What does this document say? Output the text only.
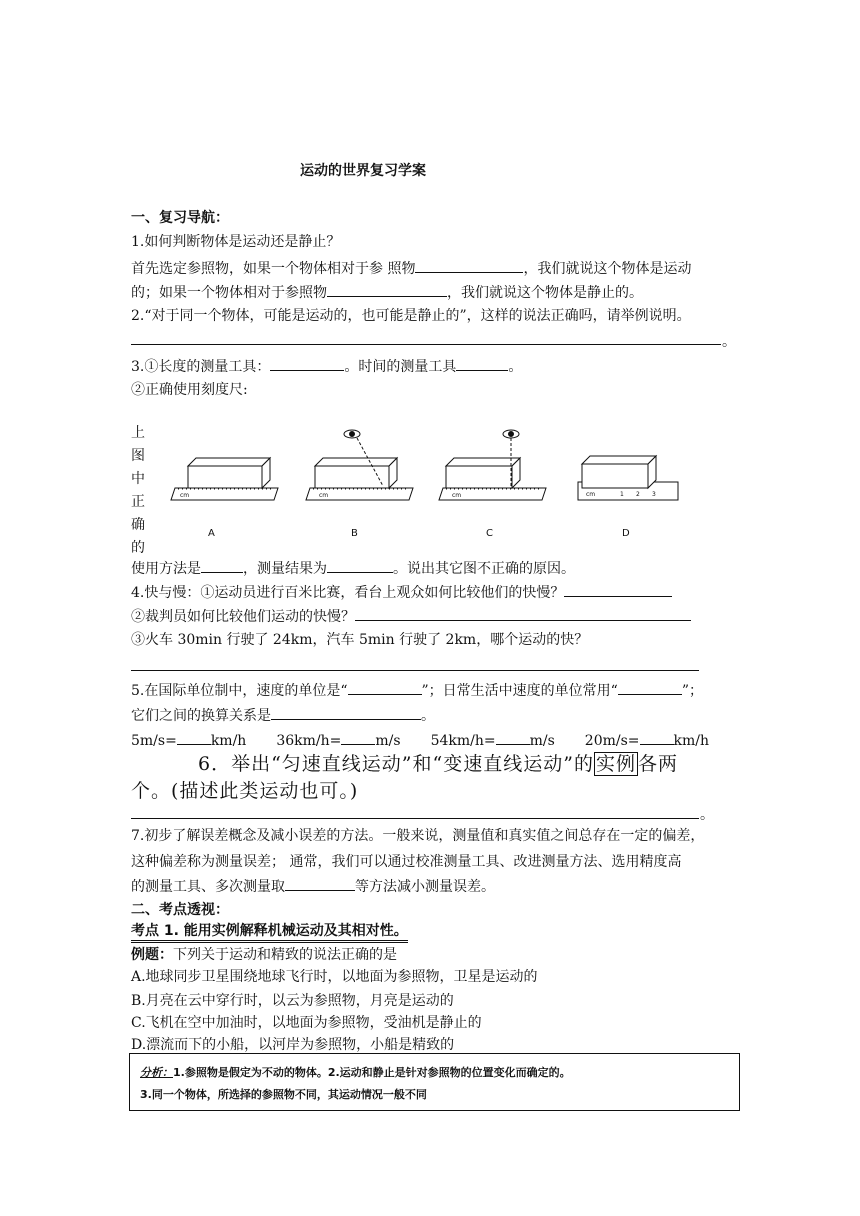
运动的世界复习学案
一、复习导航：
1.如何判断物体是运动还是静止？
首先选定参照物，如果一个物体相对于参 照物	，我们就说这个物体是运动
的；如果一个物体相对于参照物	，我们就说这个物体是静止的。
2.“对于同一个物体，可能是运动的，也可能是静止的”，这样的说法正确吗，请举例说明。
。
3.①长度的测量工具：	。时间的测量工具	。
②正确使用刻度尺:
上
图
中
正
确
的
cm
A
cm
B
cm
C
cm	1 2 3
D
使用方法是	，测量结果为	。说出其它图不正确的原因。
4.快与慢：①运动员进行百米比赛，看台上观众如何比较他们的快慢？
②裁判员如何比较他们运动的快慢？
③火车 30min 行驶了 24km，汽车 5min 行驶了 2km，哪个运动的快？
5.在国际单位制中，速度的单位是“	”；日常生活中速度的单位常用“	”；
它们之间的换算关系是	。
5m/s= km/h 36km/h= m/s 54km/h= m/s 20m/s= km/h
6．举出“匀速直线运动”和“变速直线运动”的 实例 各两
个。(描述此类运动也可。)
。
7.初步了解误差概念及减小误差的方法。一般来说，测量值和真实值之间总存在一定的偏差，
这种偏差称为测量误差； 通常，我们可以通过校准测量工具、改进测量方法、选用精度高
的测量工具、多次测量取	等方法减小测量误差。
二、考点透视：
考点 1. 能用实例解释机械运动及其相对性。
例题：下列关于运动和精致的说法正确的是
A.地球同步卫星围绕地球飞行时，以地面为参照物，卫星是运动的
B.月亮在云中穿行时，以云为参照物，月亮是运动的
C.飞机在空中加油时，以地面为参照物，受油机是静止的
D.漂流而下的小船，以河岸为参照物，小船是精致的
分析：1.参照物是假定为不动的物体。2.运动和静止是针对参照物的位置变化而确定的。
3.同一个物体，所选择的参照物不同，其运动情况一般不同
